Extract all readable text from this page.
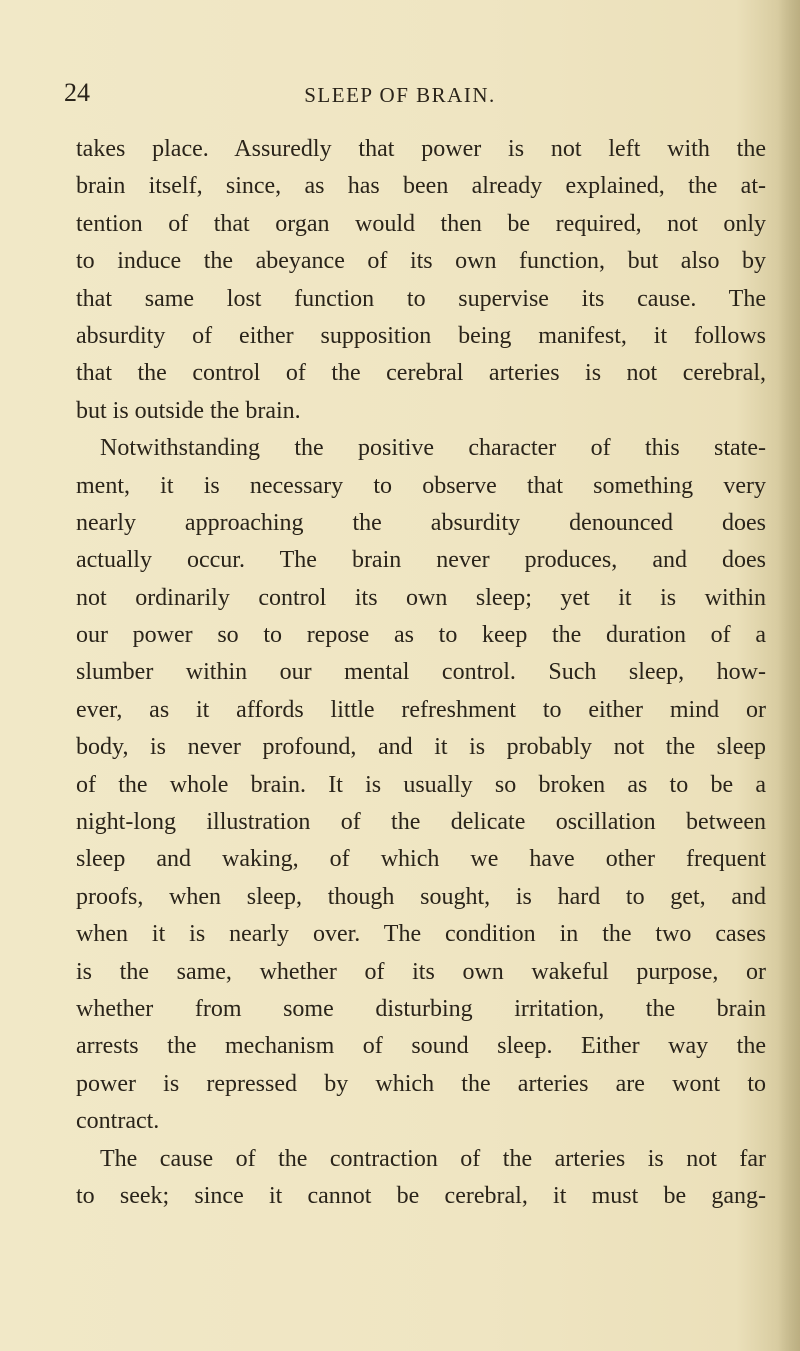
24	SLEEP OF BRAIN.
takes place. Assuredly that power is not left with the
brain itself, since, as has been already explained, the at-
tention of that organ would then be required, not only
to induce the abeyance of its own function, but also by
that same lost function to supervise its cause. The
absurdity of either supposition being manifest, it follows
that the control of the cerebral arteries is not cerebral,
but is outside the brain.
Notwithstanding the positive character of this state-
ment, it is necessary to observe that something very
nearly approaching the absurdity denounced does
actually occur. The brain never produces, and does
not ordinarily control its own sleep; yet it is within
our power so to repose as to keep the duration of a
slumber within our mental control. Such sleep, how-
ever, as it affords little refreshment to either mind or
body, is never profound, and it is probably not the sleep
of the whole brain. It is usually so broken as to be a
night-long illustration of the delicate oscillation between
sleep and waking, of which we have other frequent
proofs, when sleep, though sought, is hard to get, and
when it is nearly over. The condition in the two cases
is the same, whether of its own wakeful purpose, or
whether from some disturbing irritation, the brain
arrests the mechanism of sound sleep. Either way the
power is repressed by which the arteries are wont to
contract.
The cause of the contraction of the arteries is not far
to seek; since it cannot be cerebral, it must be gang-
